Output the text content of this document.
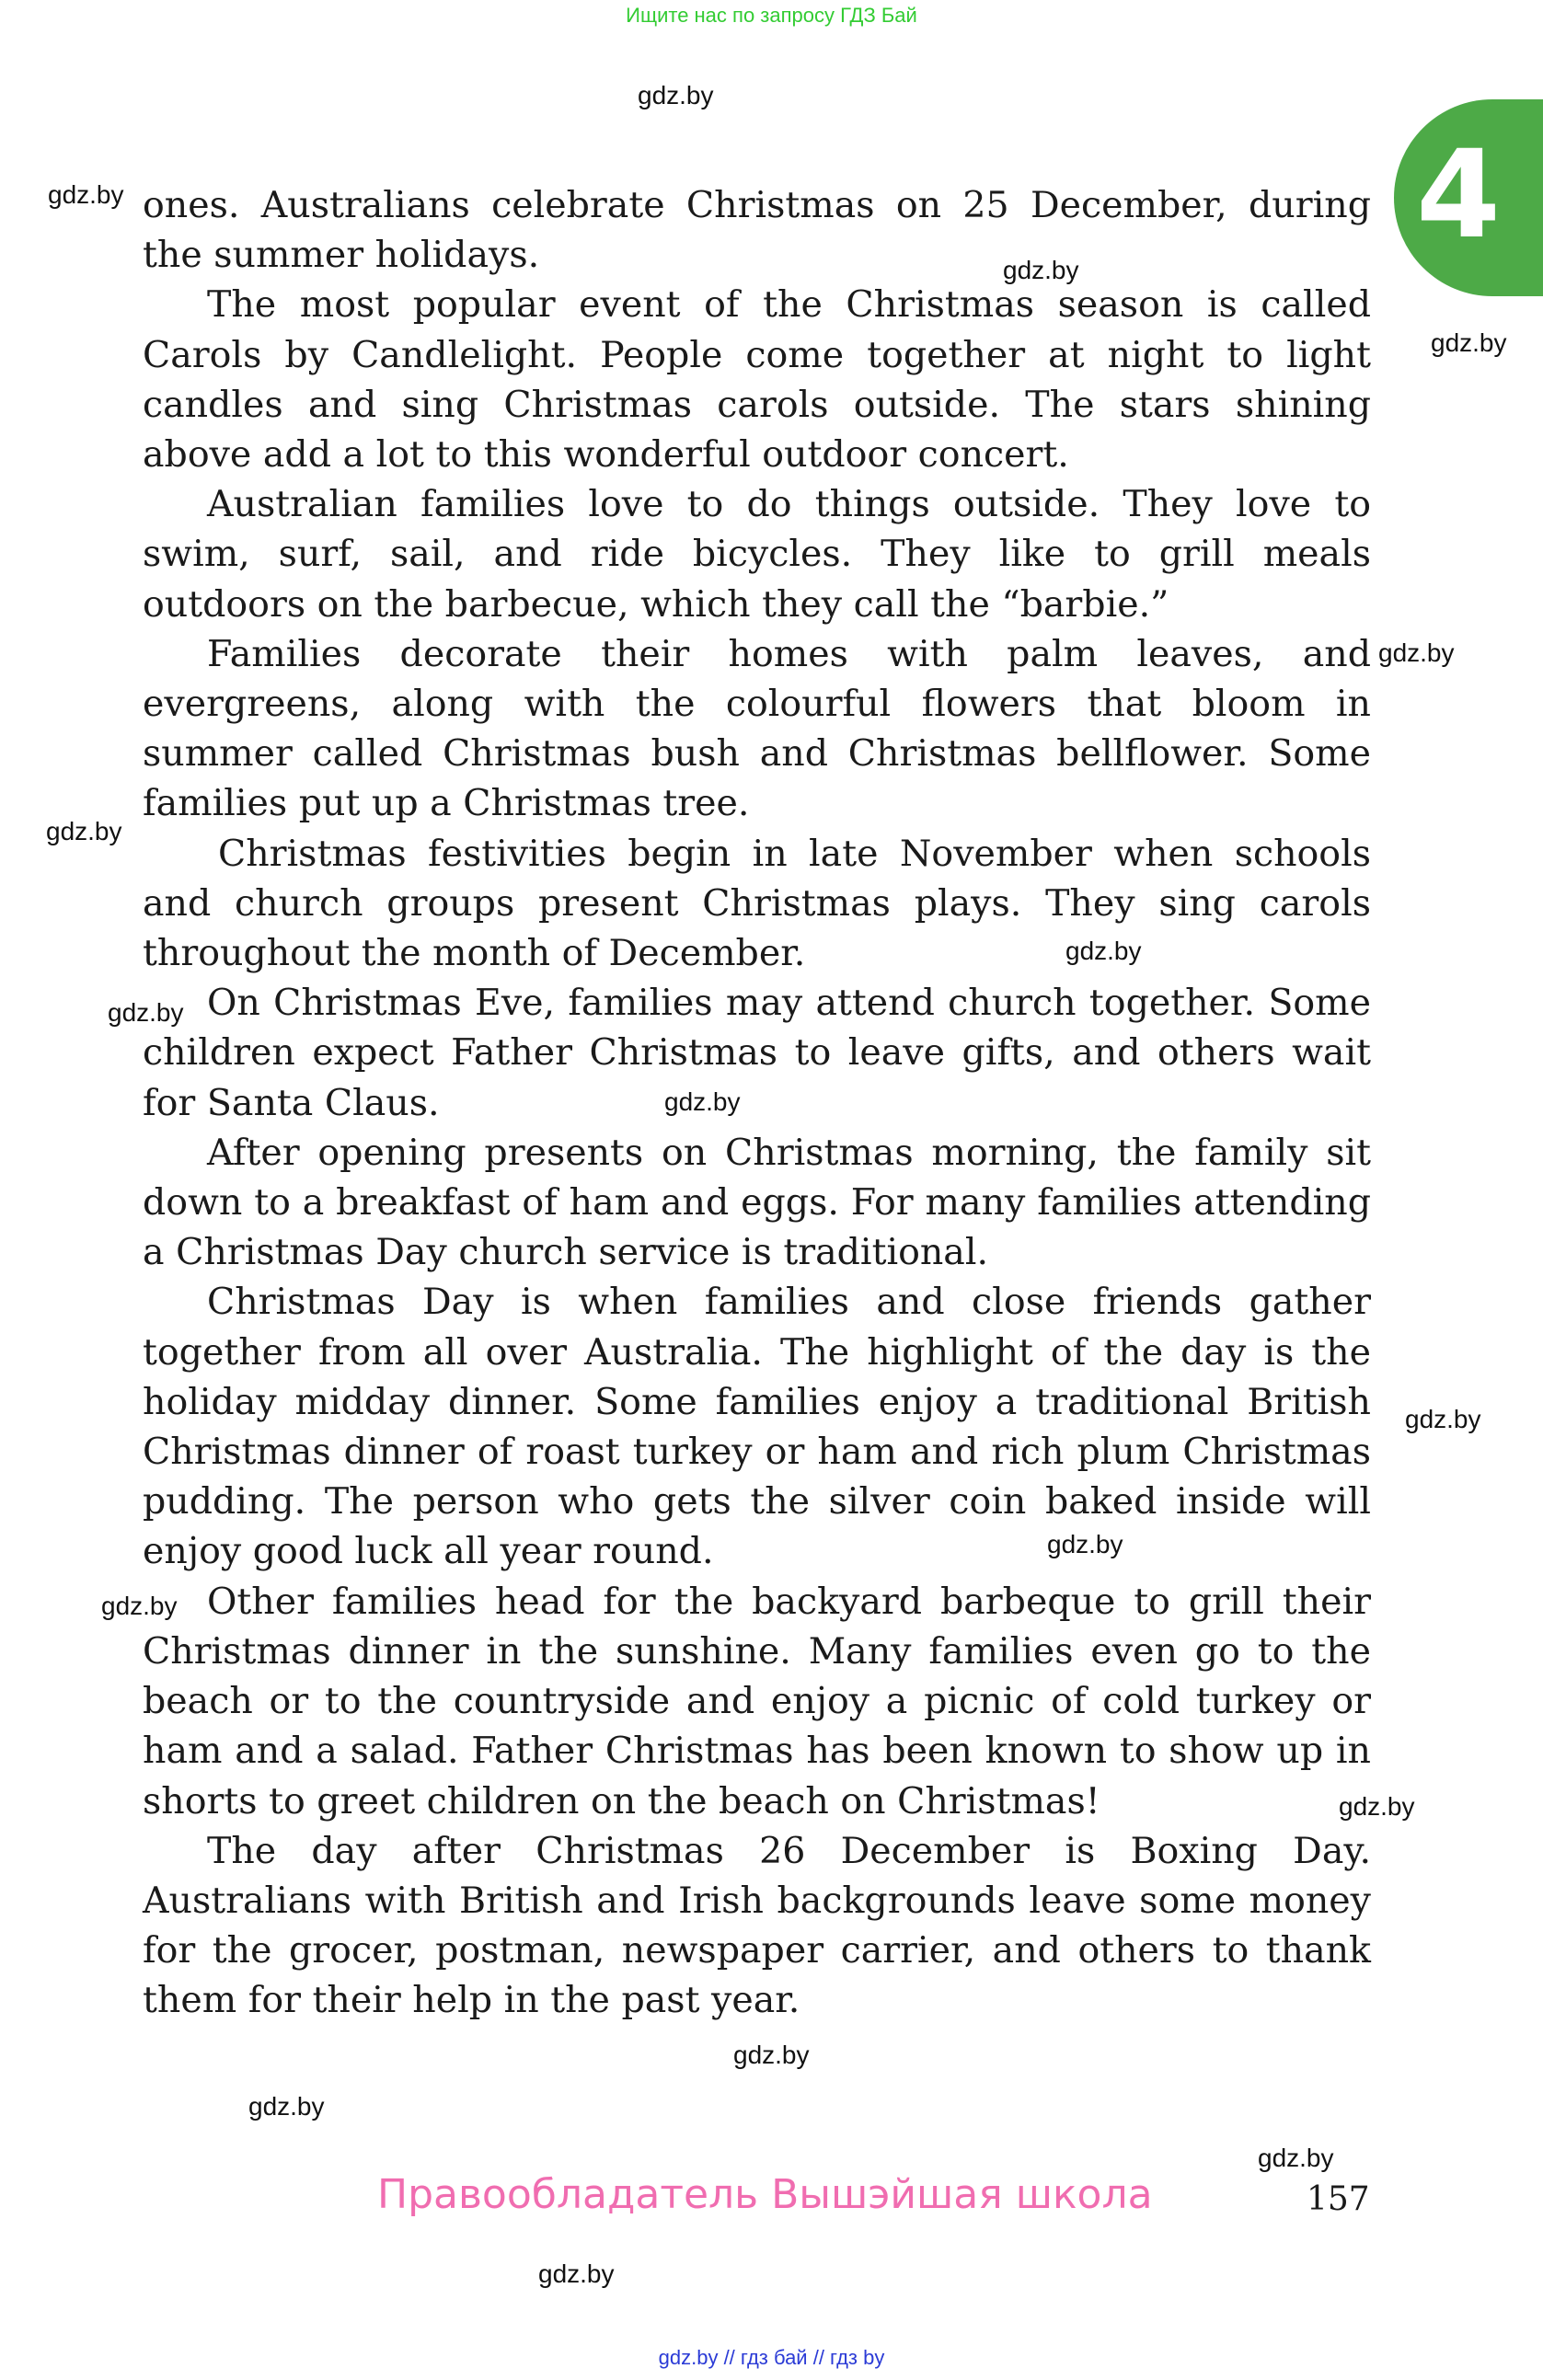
Ищите нас по запросу ГДЗ Бай
gdz.by
gdz.by
gdz.by
gdz.by
gdz.by
gdz.by
gdz.by
gdz.by
gdz.by
gdz.by
gdz.by
gdz.by
gdz.by
gdz.by
gdz.by
gdz.by
gdz.by
4

ones. Australians celebrate Christmas on 25 December, during the summer holidays.

The most popular event of the Christmas season is called Carols by Candlelight. People come together at night to light candles and sing Christmas carols outside. The stars shining above add a lot to this wonderful outdoor concert.

Australian families love to do things outside. They love to swim, surf, sail, and ride bicycles. They like to grill meals outdoors on the barbecue, which they call the “barbie.”

Families decorate their homes with palm leaves, and evergreens, along with the colourful flowers that bloom in summer called Christmas bush and Christmas bellflower. Some families put up a Christmas tree.

Christmas festivities begin in late November when schools and church groups present Christmas plays. They sing carols throughout the month of December.

On Christmas Eve, families may attend church together. Some children expect Father Christmas to leave gifts, and others wait for Santa Claus.

After opening presents on Christmas morning, the family sit down to a breakfast of ham and eggs. For many families attending a Christmas Day church service is traditional.

Christmas Day is when families and close friends gather together from all over Australia. The highlight of the day is the holiday midday dinner. Some families enjoy a traditional British Christmas dinner of roast turkey or ham and rich plum Christmas pudding. The person who gets the silver coin baked inside will enjoy good luck all year round.

Other families head for the backyard barbeque to grill their Christmas dinner in the sunshine. Many families even go to the beach or to the countryside and enjoy a picnic of cold turkey or ham and a salad. Father Christmas has been known to show up in shorts to greet children on the beach on Christmas!

The day after Christmas 26 December is Boxing Day. Australians with British and Irish backgrounds leave some money for the grocer, postman, newspaper carrier, and others to thank them for their help in the past year.

Правообладатель Вышэйшая школа	157
gdz.by // гдз бай // гдз by
